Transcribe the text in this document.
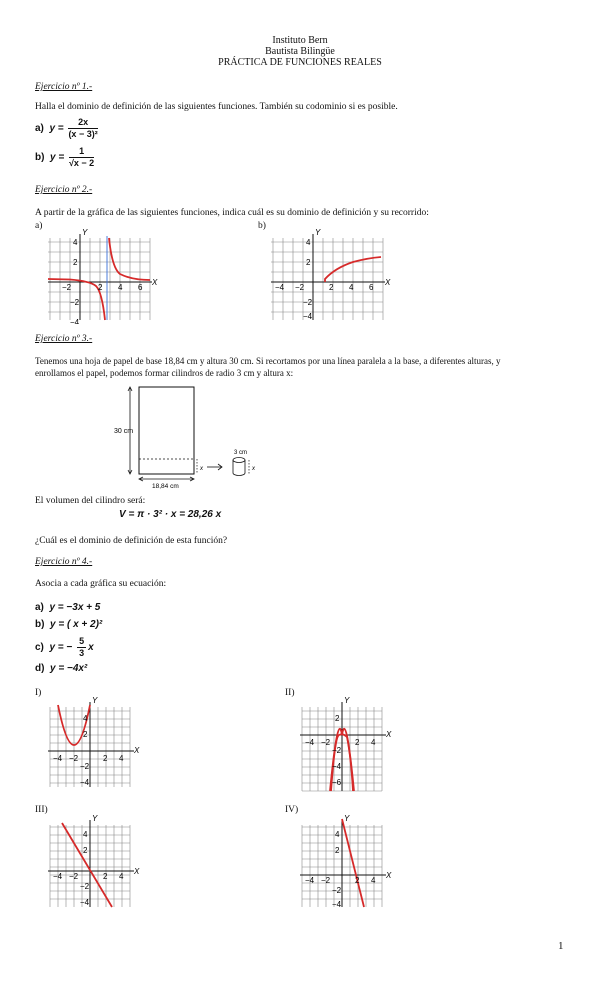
Instituto Bern
Bautista Bilingüe
PRÁCTICA DE FUNCIONES REALES
Ejercicio nº 1.-
Halla el dominio de definición de las siguientes funciones. También su codominio si es posible.
a) $y = \frac{2x}{\text{(x − 3)²}}$
b) $y = \frac{1}{√x - 2}$
Ejercicio nº 2.-
A partir de la gráfica de las siguientes funciones, indica cuál es su dominio de definición y su recorrido:
a)	b)
Y
X
−2	2 4 6
4
2
−2
−4
Y
X
−4 −2	2 4 6
4
2
−2
−4
Ejercicio nº 3.-
Tenemos una hoja de papel de base 18,84 cm y altura 30 cm. Si recortamos por una línea paralela a la base, a diferentes alturas, y
enrollamos el papel, podemos formar cilindros de radio 3 cm y altura x:
30 cm
18,84 cm
x
3 cm
x
El volumen del cilindro será:
V = π · 3² · x = 28,26 x
¿Cuál es el dominio de definición de esta función?
Ejercicio nº 4.-
Asocia a cada gráfica su ecuación:
a) y = −3x + 5
b) y = ( x + 2)²
c) y = − $\frac{5}{3}$ x
d) y = −4x²
I)	II)
III)	IV)
Y
X
−4 −2	2 4
4
2
−2
−4
Y
X
−4 −2	2 4
2
−2
−4
−6
Y
X
−4 −2	2 4
4
2
−2
−4
Y
X
−4 −2	2 4
4
2
−2
−4
1
